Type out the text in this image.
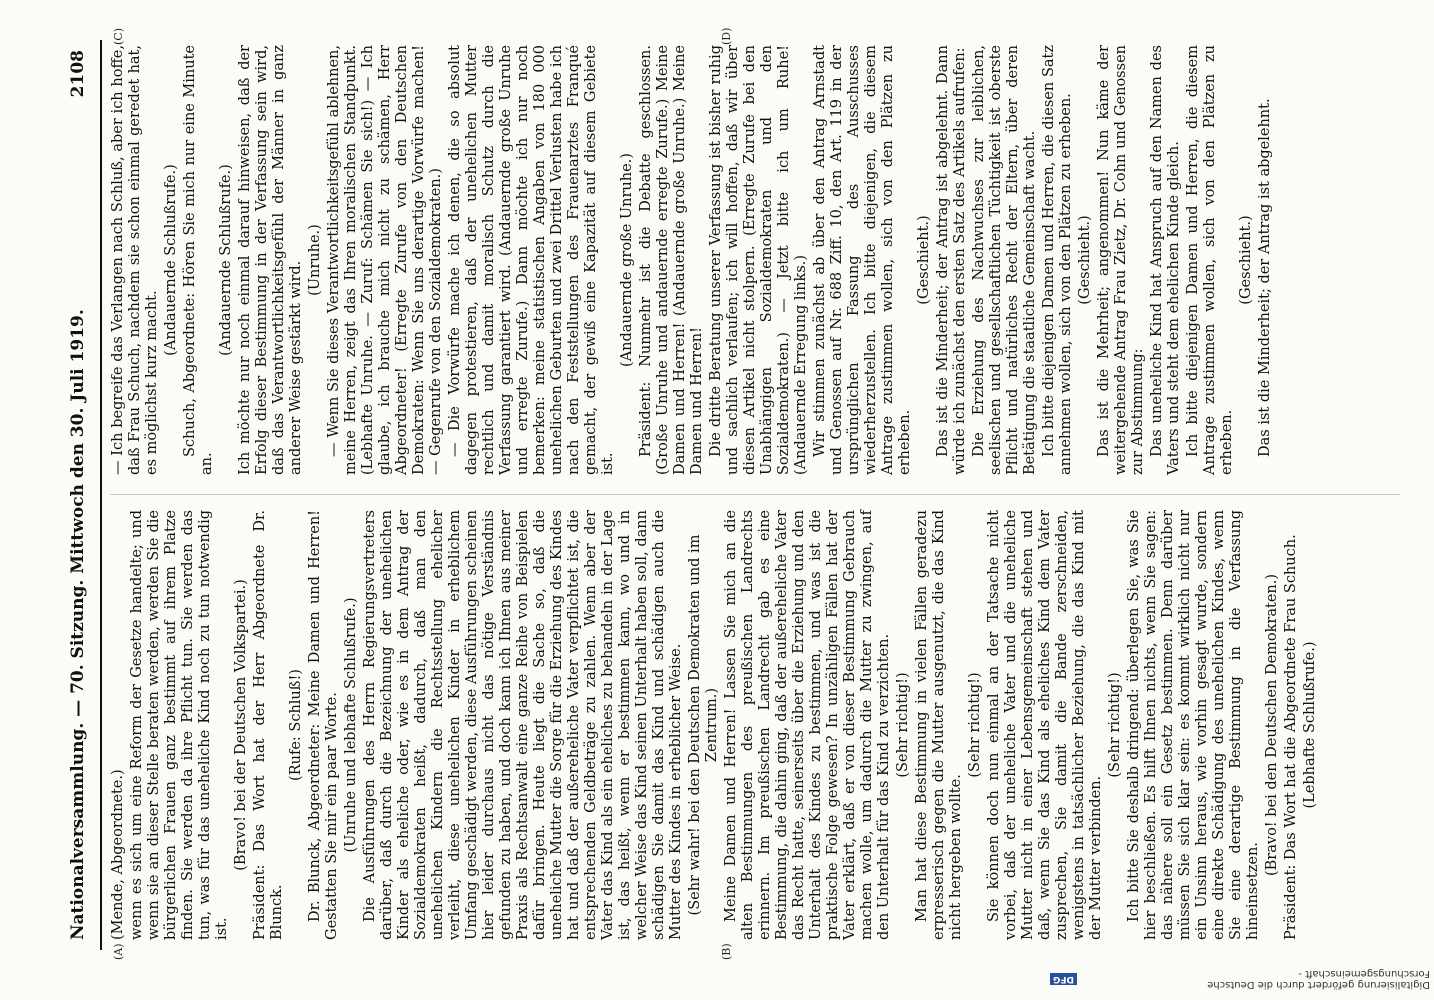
Nationalversammlung. — 70. Sitzung. Mittwoch den 30. Juli 1919.
2108
(A)	(B)
(C)	(D)

(Mende, Abgeordnete.) wenn es sich um eine Reform der Gesetze handelte; und wenn sie an dieser Stelle beraten werden, werden Sie die bürgerlichen Frauen ganz bestimmt auf ihrem Platze finden. Sie werden da ihre Pflicht tun. Sie werden das tun, was für das uneheliche Kind noch zu tun notwendig ist.

(Bravo! bei der Deutschen Volkspartei.) Präsident: Das Wort hat der Herr Abgeordnete Dr. Blunck.

(Rufe: Schluß!) Dr. Blunck, Abgeordneter: Meine Damen und Herren! Gestatten Sie mir ein paar Worte. (Unruhe und lebhafte Schlußrufe.) Die Ausführungen des Herrn Regierungsvertreters darüber, daß durch die Bezeichnung der unehelichen Kinder als eheliche oder, wie es in dem Antrag der Sozialdemokraten heißt, dadurch, daß man den unehelichen Kindern die Rechtsstellung ehelicher verleiht, diese unehelichen Kinder in erheblichem Umfang geschädigt werden, diese Ausführungen scheinen hier leider durchaus nicht das nötige Verständnis gefunden zu haben, und doch kann ich Ihnen aus meiner Praxis als Rechtsanwalt eine ganze Reihe von Beispielen dafür bringen. Heute liegt die Sache so, daß die uneheliche Mutter die Sorge für die Erziehung des Kindes hat und daß der außereheliche Vater verpflichtet ist, die entsprechenden Geldbeträge zu zahlen. Wenn aber der Vater das Kind als ein eheliches zu behandeln in der Lage ist, das heißt, wenn er bestimmen kann, wo und in welcher Weise das Kind seinen Unterhalt haben soll, dann schädigen Sie damit das Kind und schädigen auch die Mutter des Kindes in erheblicher Weise. (Sehr wahr! bei den Deutschen Demokraten und im Zentrum.) Meine Damen und Herren! Lassen Sie mich an die alten Bestimmungen des preußischen Landrechts erinnern. Im preußischen Landrecht gab es eine Bestimmung, die dahin ging, daß der außereheliche Vater das Recht hatte, seinerseits über die Erziehung und den Unterhalt des Kindes zu bestimmen, und was ist die praktische Folge gewesen? In unzähligen Fällen hat der Vater erklärt, daß er von dieser Bestimmung Gebrauch machen wolle, um dadurch die Mutter zu zwingen, auf den Unterhalt für das Kind zu verzichten. (Sehr richtig!) Man hat diese Bestimmung in vielen Fällen geradezu erpresserisch gegen die Mutter ausgenutzt, die das Kind nicht hergeben wollte.

(Sehr richtig!) Sie können doch nun einmal an der Tatsache nicht vorbei, daß der uneheliche Vater und die uneheliche Mutter nicht in einer Lebensgemeinschaft stehen und daß, wenn Sie das Kind als eheliches Kind dem Vater zusprechen, Sie damit die Bande zerschneiden, wenigstens in tatsächlicher Beziehung, die das Kind mit der Mutter verbinden.

(Sehr richtig!) Ich bitte Sie deshalb dringend: überlegen Sie, was Sie hier beschließen. Es hilft Ihnen nichts, wenn Sie sagen: das nähere soll ein Gesetz bestimmen. Denn darüber müssen Sie sich klar sein: es kommt wirklich nicht nur ein Unsinn heraus, wie vorhin gesagt wurde, sondern eine direkte Schädigung des unehelichen Kindes, wenn Sie eine derartige Bestimmung in die Verfassung hineinsetzen.

(Bravo! bei den Deutschen Demokraten.) Präsident: Das Wort hat die Abgeordnete Frau Schuch. (Lebhafte Schlußrufe.)

— Ich begreife das Verlangen nach Schluß, aber ich hoffe, daß Frau Schuch, nachdem sie schon einmal geredet hat, es möglichst kurz macht.

(Andauernde Schlußrufe.) Schuch, Abgeordnete: Hören Sie mich nur eine Minute an.

(Andauernde Schlußrufe.) Ich möchte nur noch einmal darauf hinweisen, daß der Erfolg dieser Bestimmung in der Verfassung sein wird, daß das Verantwortlichkeitsgefühl der Männer in ganz anderer Weise gestärkt wird.

(Unruhe.) — Wenn Sie dieses Verantwortlichkeitsgefühl ablehnen, meine Herren, zeigt das Ihren moralischen Standpunkt. (Lebhafte Unruhe. — Zuruf: Schämen Sie sich!) — Ich glaube, ich brauche mich nicht zu schämen, Herr Abgeordneter! (Erregte Zurufe von den Deutschen Demokraten: Wenn Sie uns derartige Vorwürfe machen! — Gegenrufe von den Sozialdemokraten.) — Die Vorwürfe mache ich denen, die so absolut dagegen protestieren, daß der unehelichen Mutter rechtlich und damit moralisch Schutz durch die Verfassung garantiert wird. (Andauernde große Unruhe und erregte Zurufe.) Dann möchte ich nur noch bemerken: meine statistischen Angaben von 180 000 unehelichen Geburten und zwei Drittel Verlusten habe ich nach den Feststellungen des Frauenarztes Franqué gemacht, der gewiß eine Kapazität auf diesem Gebiete ist.

(Andauernde große Unruhe.) Präsident: Nunmehr ist die Debatte geschlossen. (Große Unruhe und andauernde erregte Zurufe.) Meine Damen und Herren! (Andauernde große Unruhe.) Meine Damen und Herren! Die dritte Beratung unserer Verfassung ist bisher ruhig und sachlich verlaufen; ich will hoffen, daß wir über diesen Artikel nicht stolpern. (Erregte Zurufe bei den Unabhängigen Sozialdemokraten und den Sozialdemokraten.) — Jetzt bitte ich um Ruhe! (Andauernde Erregung links.) Wir stimmen zunächst ab über den Antrag Arnstadt und Genossen auf Nr. 688 Ziff. 10, den Art. 119 in der ursprünglichen Fassung des Ausschusses wiederherzustellen. Ich bitte diejenigen, die diesem Antrage zustimmen wollen, sich von den Plätzen zu erheben.

(Geschieht.) Das ist die Minderheit; der Antrag ist abgelehnt. Dann würde ich zunächst den ersten Satz des Artikels aufrufen: Die Erziehung des Nachwuchses zur leiblichen, seelischen und gesellschaftlichen Tüchtigkeit ist oberste Pflicht und natürliches Recht der Eltern, über deren Betätigung die staatliche Gemeinschaft wacht. Ich bitte diejenigen Damen und Herren, die diesen Satz annehmen wollen, sich von den Plätzen zu erheben. (Geschieht.) Das ist die Mehrheit; angenommen! Nun käme der weitergehende Antrag Frau Zietz, Dr. Cohn und Genossen zur Abstimmung: Das uneheliche Kind hat Anspruch auf den Namen des Vaters und steht dem ehelichen Kinde gleich. Ich bitte diejenigen Damen und Herren, die diesem Antrage zustimmen wollen, sich von den Plätzen zu erheben.

(Geschieht.) Das ist die Minderheit; der Antrag ist abgelehnt.

Digitalisierung gefördert durch die Deutsche Forschungsgemeinschaft -
DFG
